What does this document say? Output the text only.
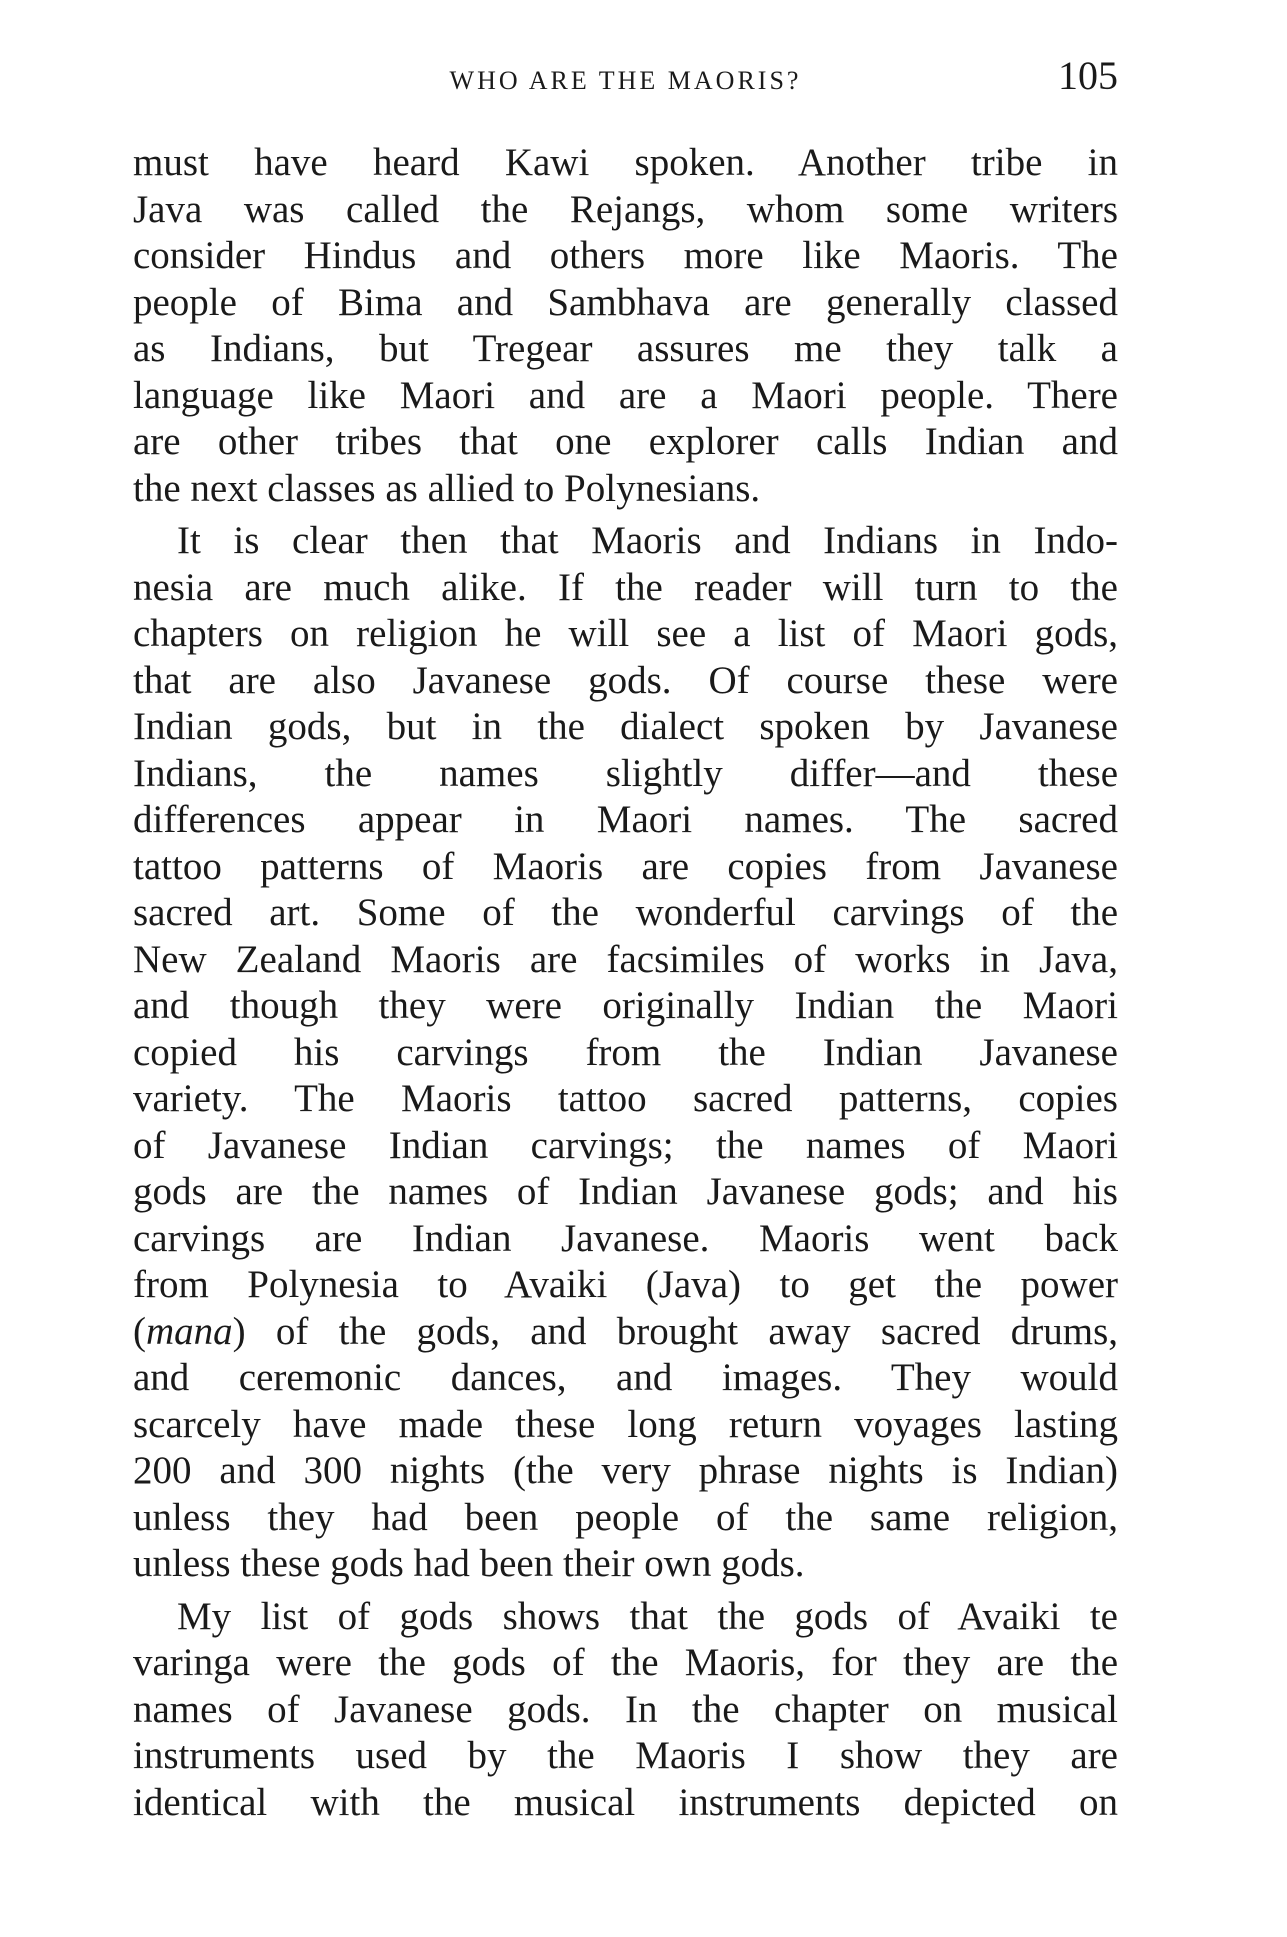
WHO ARE THE MAORIS?	105
must have heard Kawi spoken. Another tribe in
Java was called the Rejangs, whom some writers
consider Hindus and others more like Maoris. The
people of Bima and Sambhava are generally classed
as Indians, but Tregear assures me they talk a
language like Maori and are a Maori people. There
are other tribes that one explorer calls Indian and
the next classes as allied to Polynesians.
It is clear then that Maoris and Indians in Indo-
nesia are much alike. If the reader will turn to the
chapters on religion he will see a list of Maori gods,
that are also Javanese gods. Of course these were
Indian gods, but in the dialect spoken by Javanese
Indians, the names slightly differ—and these
differences appear in Maori names. The sacred
tattoo patterns of Maoris are copies from Javanese
sacred art. Some of the wonderful carvings of the
New Zealand Maoris are facsimiles of works in Java,
and though they were originally Indian the Maori
copied his carvings from the Indian Javanese
variety. The Maoris tattoo sacred patterns, copies
of Javanese Indian carvings; the names of Maori
gods are the names of Indian Javanese gods; and his
carvings are Indian Javanese. Maoris went back
from Polynesia to Avaiki (Java) to get the power
(mana) of the gods, and brought away sacred drums,
and ceremonic dances, and images. They would
scarcely have made these long return voyages lasting
200 and 300 nights (the very phrase nights is Indian)
unless they had been people of the same religion,
unless these gods had been their own gods.
My list of gods shows that the gods of Avaiki te
varinga were the gods of the Maoris, for they are the
names of Javanese gods. In the chapter on musical
instruments used by the Maoris I show they are
identical with the musical instruments depicted on
